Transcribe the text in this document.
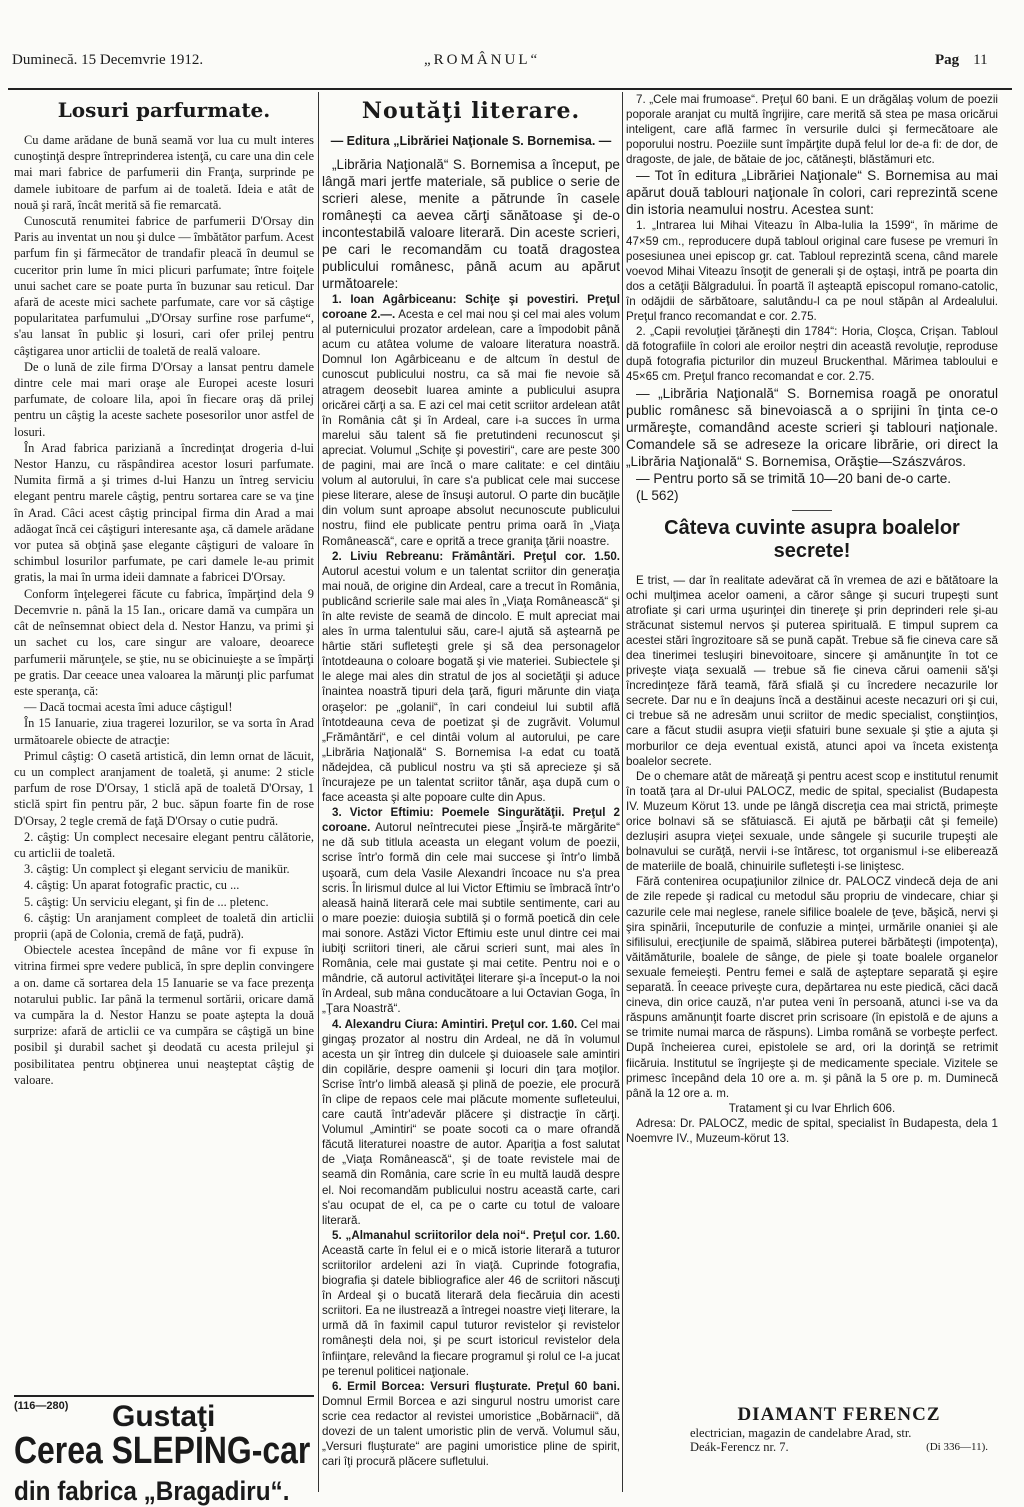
Duminecă. 15 Decemvrie 1912.	„ROMÂNUL“	Pag 11
Losuri parfurmate.

Cu dame arădane de bună seamă vor lua cu mult interes cunoştinţă despre întreprinderea istenţă, cu care una din cele mai mari fabrice de parfumerii din Franţa, surprinde pe damele iubitoare de parfum ai de toaletă. Ideia e atât de nouă şi rară, încât merită să fie remarcată.

Cunoscută renumitei fabrice de parfumerii D'Orsay din Paris au inventat un nou şi dulce — îmbătător parfum. Acest parfum fin şi fărmecător de trandafir pleacă în deumul se cuceritor prin lume în mici plicuri parfumate; între foiţele unui sachet care se poate purta în buzunar sau reticul. Dar afară de aceste mici sachete parfumate, care vor să câştige popularitatea parfumului „D'Orsay surfine rose parfume“, s'au lansat în public şi losuri, cari ofer prilej pentru câştigarea unor articlii de toaletă de reală valoare.

De o lună de zile firma D'Orsay a lansat pentru damele dintre cele mai mari oraşe ale Europei aceste losuri parfumate, de coloare lila, apoi în fiecare oraş dă prilej pentru un câştig la aceste sachete posesorilor unor astfel de losuri.

În Arad fabrica pariziană a încredinţat drogeria d-lui Nestor Hanzu, cu răspândirea acestor losuri parfumate. Numita firmă a şi trimes d-lui Hanzu un întreg serviciu elegant pentru marele câştig, pentru sortarea care se va ţine în Arad. Câci acest câştig principal firma din Arad a mai adăogat încă cei câştiguri interesante aşa, că damele arădane vor putea să obţină şase elegante câştiguri de valoare în schimbul losurilor parfumate, pe cari damele le-au primit gratis, la mai în urma ideii damnate a fabricei D'Orsay.

Conform înţelegerei făcute cu fabrica, împărţind dela 9 Decemvrie n. până la 15 Ian., oricare damă va cumpăra un cât de neînsemnat obiect dela d. Nestor Hanzu, va primi şi un sachet cu los, care singur are valoare, deoarece parfumerii mărunţele, se ştie, nu se obicinuieşte a se împărţi pe gratis. Dar ceeace unea valoarea la mărunţi plic parfumat este speranţa, că:

— Dacă tocmai acesta îmi aduce câştigul!

În 15 Ianuarie, ziua tragerei lozurilor, se va sorta în Arad următoarele obiecte de atracţie:

Primul câştig: O casetă artistică, din lemn ornat de lăcuit, cu un complect aranjament de toaletă, şi anume: 2 sticle parfum de rose D'Orsay, 1 sticlă apă de toaletă D'Orsay, 1 sticlă spirt fin pentru păr, 2 buc. săpun foarte fin de rose D'Orsay, 2 tegle cremă de faţă D'Orsay o cutie pudră.

2. câştig: Un complect necesaire elegant pentru călătorie, cu articlii de toaletă.

3. câştig: Un complect şi elegant serviciu de manikür.

4. câştig: Un aparat fotografic practic, cu ...

5. câştig: Un serviciu elegant, şi fin de ... pletenc.

6. câştig: Un aranjament compleet de toaletă din articlii proprii (apă de Colonia, cremă de faţă, pudră).

Obiectele acestea începând de mâne vor fi expuse în vitrina firmei spre vedere publică, în spre deplin convingere a on. dame că sortarea dela 15 Ianuarie se va face prezenţa notarului public. Iar până la termenul sortării, oricare damă va cumpăra la d. Nestor Hanzu se poate aştepta la două surprize: afară de articlii ce va cumpăra se câştigă un bine posibil şi durabil sachet şi deodată cu acesta prilejul şi posibilitatea pentru obţinerea unui neaşteptat câştig de valoare.

(116—280) Gustaţi
Cerea SLEPING-car
din fabrica „Bragadiru“.
Noutăţi literare.
— Editura „Librăriei Naţionale S. Bornemisa. —

„Librăria Naţională“ S. Bornemisa a început, pe lângă mari jertfe materiale, să publice o serie de scrieri alese, menite a pătrunde în casele românești ca aevea cărţi sănătoase şi de-o incontestabilă valoare literară. Din aceste scrieri, pe cari le recomandăm cu toată dragostea publicului românesc, până acum au apărut următoarele:

1. Ioan Agârbiceanu: Schiţe şi povestiri. Preţul coroane 2.—. Acesta e cel mai nou şi cel mai ales volum al puternicului prozator ardelean, care a împodobit până acum cu atâtea volume de valoare literatura noastră. Domnul Ion Agârbiceanu e de altcum în destul de cunoscut publicului nostru, ca să mai fie nevoie să atragem deosebit luarea aminte a publicului asupra oricărei cărţi a sa. E azi cel mai cetit scriitor ardelean atât în România cât şi în Ardeal, care i-a succes în urma marelui său talent să fie pretutindeni recunoscut şi apreciat. Volumul „Schiţe şi povestiri“, care are peste 300 de pagini, mai are încă o mare calitate: e cel dintâiu volum al autorului, în care s'a publicat cele mai succese piese literare, alese de însuşi autorul. O parte din bucăţile din volum sunt aproape absolut necunoscute publicului nostru, fiind ele publicate pentru prima oară în „Viaţa Românească“, care e oprită a trece graniţa ţării noastre.

2. Liviu Rebreanu: Frământări. Preţul cor. 1.50. Autorul acestui volum e un talentat scriitor din generaţia mai nouă, de origine din Ardeal, care a trecut în România, publicând scrierile sale mai ales în „Viaţa Românească“ şi în alte reviste de seamă de dincolo. E mult apreciat mai ales în urma talentului său, care-l ajută să aştearnă pe hârtie stări sufleteşti grele şi să dea personagelor întotdeauna o coloare bogată şi vie materiei. Subiectele şi le alege mai ales din stratul de jos al societăţii şi aduce înaintea noastră tipuri dela ţară, figuri mărunte din viaţa oraşelor: pe „golanii“, în cari condeiul lui subtil află întotdeauna ceva de poetizat şi de zugrăvit. Volumul „Frământări“, e cel dintâi volum al autorului, pe care „Librăria Naţională“ S. Bornemisa l-a edat cu toată nădejdea, că publicul nostru va şti să aprecieze şi să încurajeze pe un talentat scriitor tânăr, aşa după cum o face aceasta şi alte popoare culte din Apus.

3. Victor Eftimiu: Poemele Singurătăţii. Preţul 2 coroane. Autorul neîntrecutei piese „Înşiră-te mărgărite“ ne dă sub titlula aceasta un elegant volum de poezii, scrise într'o formă din cele mai succese şi într'o limbă uşoară, cum dela Vasile Alexandri încoace nu s'a prea scris. În lirismul dulce al lui Victor Eftimiu se îmbracă într'o aleasă haină literară cele mai subtile sentimente, cari au o mare poezie: duioşia subtilă şi o formă poetică din cele mai sonore. Astăzi Victor Eftimiu este unul dintre cei mai iubiţi scriitori tineri, ale cărui scrieri sunt, mai ales în România, cele mai gustate şi mai cetite. Pentru noi e o mândrie, că autorul activităţei literare şi-a început-o la noi în Ardeal, sub mâna conducătoare a lui Octavian Goga, în „Ţara Noastră“.

4. Alexandru Ciura: Amintiri. Preţul cor. 1.60. Cel mai gingaş prozator al nostru din Ardeal, ne dă în volumul acesta un şir întreg din dulcele şi duioasele sale amintiri din copilărie, despre oamenii şi locuri din ţara moţilor. Scrise într'o limbă aleasă şi plină de poezie, ele procură în clipe de repaos cele mai plăcute momente sufleteului, care caută într'adevăr plăcere şi distracţie în cărţi. Volumul „Amintiri“ se poate socoti ca o mare ofrandă făcută literaturei noastre de autor. Apariţia a fost salutat de „Viaţa Românească“, şi de toate revistele mai de seamă din România, care scrie în eu multă laudă despre el. Noi recomandăm publicului nostru această carte, cari s'au ocupat de el, ca pe o carte cu totul de valoare literară.

5. „Almanahul scriitorilor dela noi“. Preţul cor. 1.60. Această carte în felul ei e o mică istorie literară a tuturor scriitorilor ardeleni azi în viaţă. Cuprinde fotografia, biografia şi datele bibliografice aler 46 de scriitori născuţi în Ardeal şi o bucată literară dela fiecăruia din acesti scriitori. Ea ne ilustrează a întregei noastre vieţi literare, la urmă dă în faximil capul tuturor revistelor şi revistelor româneşti dela noi, şi pe scurt istoricul revistelor dela înfiinţare, relevând la fiecare programul şi rolul ce l-a jucat pe terenul politicei naţionale.

6. Ermil Borcea: Versuri fluşturate. Preţul 60 bani. Domnul Ermil Borcea e azi singurul nostru umorist care scrie cea redactor al revistei umoristice „Bobărnacii“, dă dovezi de un talent umoristic plin de vervă. Volumul său, „Versuri fluşturate“ are pagini umoristice pline de spirit, cari îţi procură plăcere sufletului.

7. „Cele mai frumoase“. Preţul 60 bani. E un drăgălaş volum de poezii poporale aranjat cu multă îngrijire, care merită să stea pe masa oricărui inteligent, care află farmec în versurile dulci şi fermecătoare ale poporului nostru. Poeziile sunt împărţite după felul lor de-a fi: de dor, de dragoste, de jale, de bătaie de joc, cătăneşti, blăstămuri etc.

— Tot în editura „Librăriei Naţionale“ S. Bornemisa au mai apărut două tablouri naţionale în colori, cari reprezintă scene din istoria neamului nostru. Acestea sunt:

1. „Intrarea lui Mihai Viteazu în Alba-Iulia la 1599“, în mărime de 47×59 cm., reproducere după tabloul original care fusese pe vremuri în posesiunea unei episcop gr. cat. Tabloul reprezintă scena, când marele voevod Mihai Viteazu însoţit de generali şi de oştaşi, intră pe poarta din dos a cetăţii Bălgradului. În poartă îl aşteaptă episcopul romano-catolic, în odăjdii de sărbătoare, salutându-l ca pe noul stăpân al Ardealului. Preţul franco recomandat e cor. 2.75.

2. „Capii revoluţiei ţărăneşti din 1784“: Horia, Cloşca, Crişan. Tabloul dă fotografiile în colori ale eroilor neştri din această revoluţie, reproduse după fotografia picturilor din muzeul Bruckenthal. Mărimea tabloului e 45×65 cm. Preţul franco recomandat e cor. 2.75.

— „Librăria Naţională“ S. Bornemisa roagă pe onoratul public românesc să binevoiască a o sprijini în ţinta ce-o urmăreşte, comandând aceste scrieri şi tablouri naţionale. Comandele să se adreseze la oricare librărie, ori direct la „Librăria Naţională“ S. Bornemisa, Orăştie—Szászváros.

— Pentru porto să se trimită 10—20 bani de-o carte.

(L 562)

Câteva cuvinte asupra boalelor secrete!

E trist, — dar în realitate adevărat că în vremea de azi e bătătoare la ochi mulţimea acelor oameni, a căror sânge şi sucuri trupeşti sunt atrofiate şi cari urma uşurinţei din tinereţe şi prin deprinderi rele şi-au străcunat sistemul nervos şi puterea spirituală. E timpul suprem ca acestei stări îngrozitoare să se pună capăt. Trebue să fie cineva care să dea tinerimei tesluşiri binevoitoare, sincere şi amănunţite în tot ce priveşte viaţa sexuală — trebue să fie cineva cărui oamenii să'şi încredinţeze fără teamă, fără sfială şi cu încredere necazurile lor secrete. Dar nu e în deajuns încă a destăinui aceste necazuri ori şi cui, ci trebue să ne adresăm unui scriitor de medic specialist, conştiinţios, care a făcut studii asupra vieţii sfatuiri bune sexuale şi ştie a ajuta şi morburilor ce deja eventual există, atunci apoi va înceta existenţa boalelor secrete.

De o chemare atât de măreaţă şi pentru acest scop e institutul renumit în toată ţara al Dr-ului PALOCZ, medic de spital, specialist (Budapesta IV. Muzeum Körut 13. unde pe lângă discreţia cea mai strictă, primeşte orice bolnavi să se sfătuiască. Ei ajută pe bărbaţii cât şi femeile) dezlușiri asupra vieţei sexuale, unde sângele şi sucurile trupeşti ale bolnavului se curăţă, nervii i-se întăresc, tot organismul i-se eliberează de materiile de boală, chinuirile sufleteşti i-se liniştesc.

Fără contenirea ocupaţiunilor zilnice dr. PALOCZ vindecă deja de ani de zile repede şi radical cu metodul său propriu de vindecare, chiar şi cazurile cele mai neglese, ranele sifilice boalele de ţeve, băşică, nervi şi şira spinării, începuturile de confuzie a minţei, urmările onaniei şi ale sifilisului, erecţiunile de spaimă, slăbirea puterei bărbăteşti (impotenţa), văitămăturile, boalele de sânge, de piele şi toate boalele organelor sexuale femeieşti. Pentru femei e sală de aşteptare separată şi eşire separată. În ceeace priveşte cura, depărtarea nu este piedică, căci dacă cineva, din orice cauză, n'ar putea veni în persoană, atunci i-se va da răspuns amănunţit foarte discret prin scrisoare (în epistolă e de ajuns a se trimite numai marca de răspuns). Limba română se vorbeşte perfect. După încheierea curei, epistolele se ard, ori la dorinţă se retrimit fiicăruia. Institutul se îngrijeşte şi de medicamente speciale. Vizitele se primesc începând dela 10 ore a. m. şi până la 5 ore p. m. Duminecă până la 12 ore a. m.

Tratament şi cu Ivar Ehrlich 606.

Adresa: Dr. PALOCZ, medic de spital, specialist în Budapesta, dela 1 Noemvre IV., Muzeum-körut 13.

DIAMANT FERENCZ
electrician, magazin de candelabre Arad, str.
Deák-Ferencz nr. 7.	(Di 336—11).
